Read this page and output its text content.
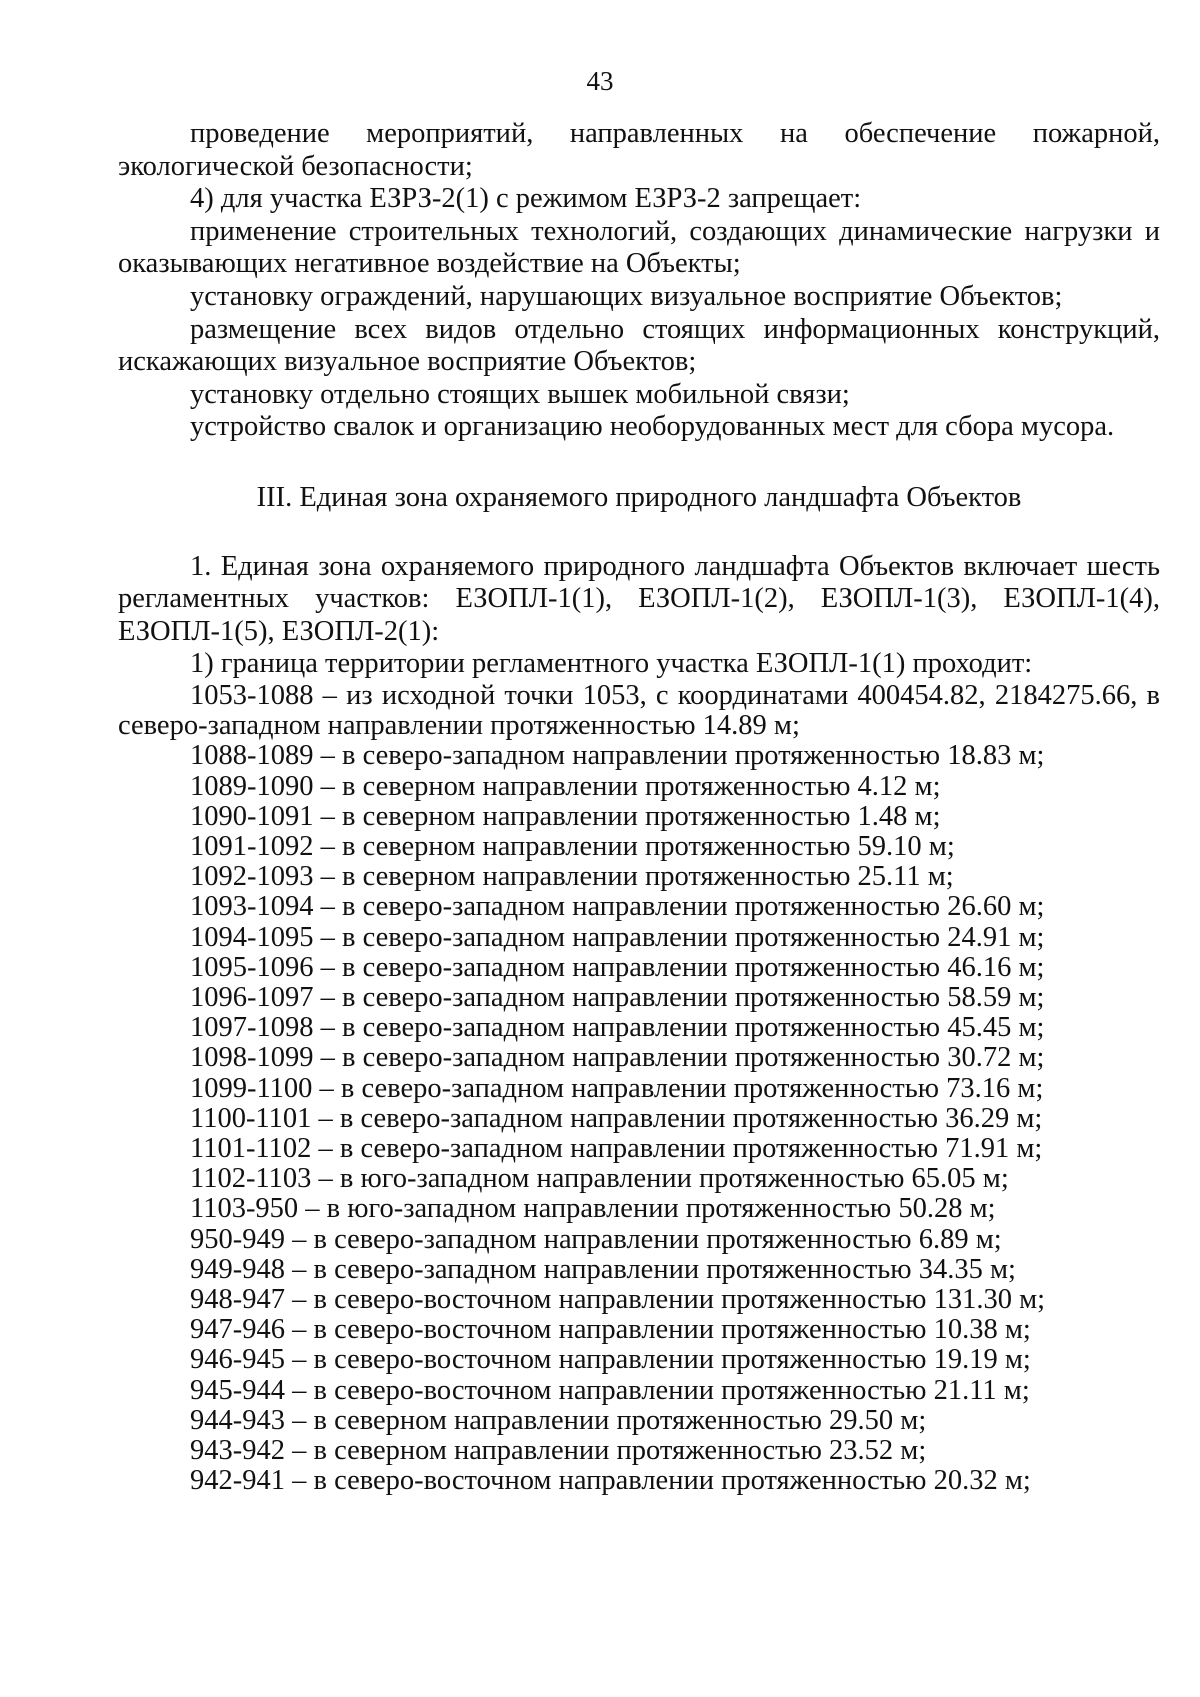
43

проведение мероприятий, направленных на обеспечение пожарной, экологической безопасности;

4) для участка ЕЗРЗ-2(1) с режимом ЕЗРЗ-2 запрещает:

применение строительных технологий, создающих динамические нагрузки и оказывающих негативное воздействие на Объекты;

установку ограждений, нарушающих визуальное восприятие Объектов;

размещение всех видов отдельно стоящих информационных конструкций, искажающих визуальное восприятие Объектов;

установку отдельно стоящих вышек мобильной связи;

устройство свалок и организацию необорудованных мест для сбора мусора.

III. Единая зона охраняемого природного ландшафта Объектов

1. Единая зона охраняемого природного ландшафта Объектов включает шесть регламентных участков: ЕЗОПЛ-1(1), ЕЗОПЛ-1(2), ЕЗОПЛ-1(3), ЕЗОПЛ-1(4), ЕЗОПЛ-1(5), ЕЗОПЛ-2(1):

1) граница территории регламентного участка ЕЗОПЛ-1(1) проходит:

1053-1088 – из исходной точки 1053, с координатами 400454.82, 2184275.66, в северо-западном направлении протяженностью 14.89 м;

1088-1089 – в северо-западном направлении протяженностью 18.83 м;

1089-1090 – в северном направлении протяженностью 4.12 м;

1090-1091 – в северном направлении протяженностью 1.48 м;

1091-1092 – в северном направлении протяженностью 59.10 м;

1092-1093 – в северном направлении протяженностью 25.11 м;

1093-1094 – в северо-западном направлении протяженностью 26.60 м;

1094-1095 – в северо-западном направлении протяженностью 24.91 м;

1095-1096 – в северо-западном направлении протяженностью 46.16 м;

1096-1097 – в северо-западном направлении протяженностью 58.59 м;

1097-1098 – в северо-западном направлении протяженностью 45.45 м;

1098-1099 – в северо-западном направлении протяженностью 30.72 м;

1099-1100 – в северо-западном направлении протяженностью 73.16 м;

1100-1101 – в северо-западном направлении протяженностью 36.29 м;

1101-1102 – в северо-западном направлении протяженностью 71.91 м;

1102-1103 – в юго-западном направлении протяженностью 65.05 м;

1103-950 – в юго-западном направлении протяженностью 50.28 м;

950-949 – в северо-западном направлении протяженностью 6.89 м;

949-948 – в северо-западном направлении протяженностью 34.35 м;

948-947 – в северо-восточном направлении протяженностью 131.30 м;

947-946 – в северо-восточном направлении протяженностью 10.38 м;

946-945 – в северо-восточном направлении протяженностью 19.19 м;

945-944 – в северо-восточном направлении протяженностью 21.11 м;

944-943 – в северном направлении протяженностью 29.50 м;

943-942 – в северном направлении протяженностью 23.52 м;

942-941 – в северо-восточном направлении протяженностью 20.32 м;
